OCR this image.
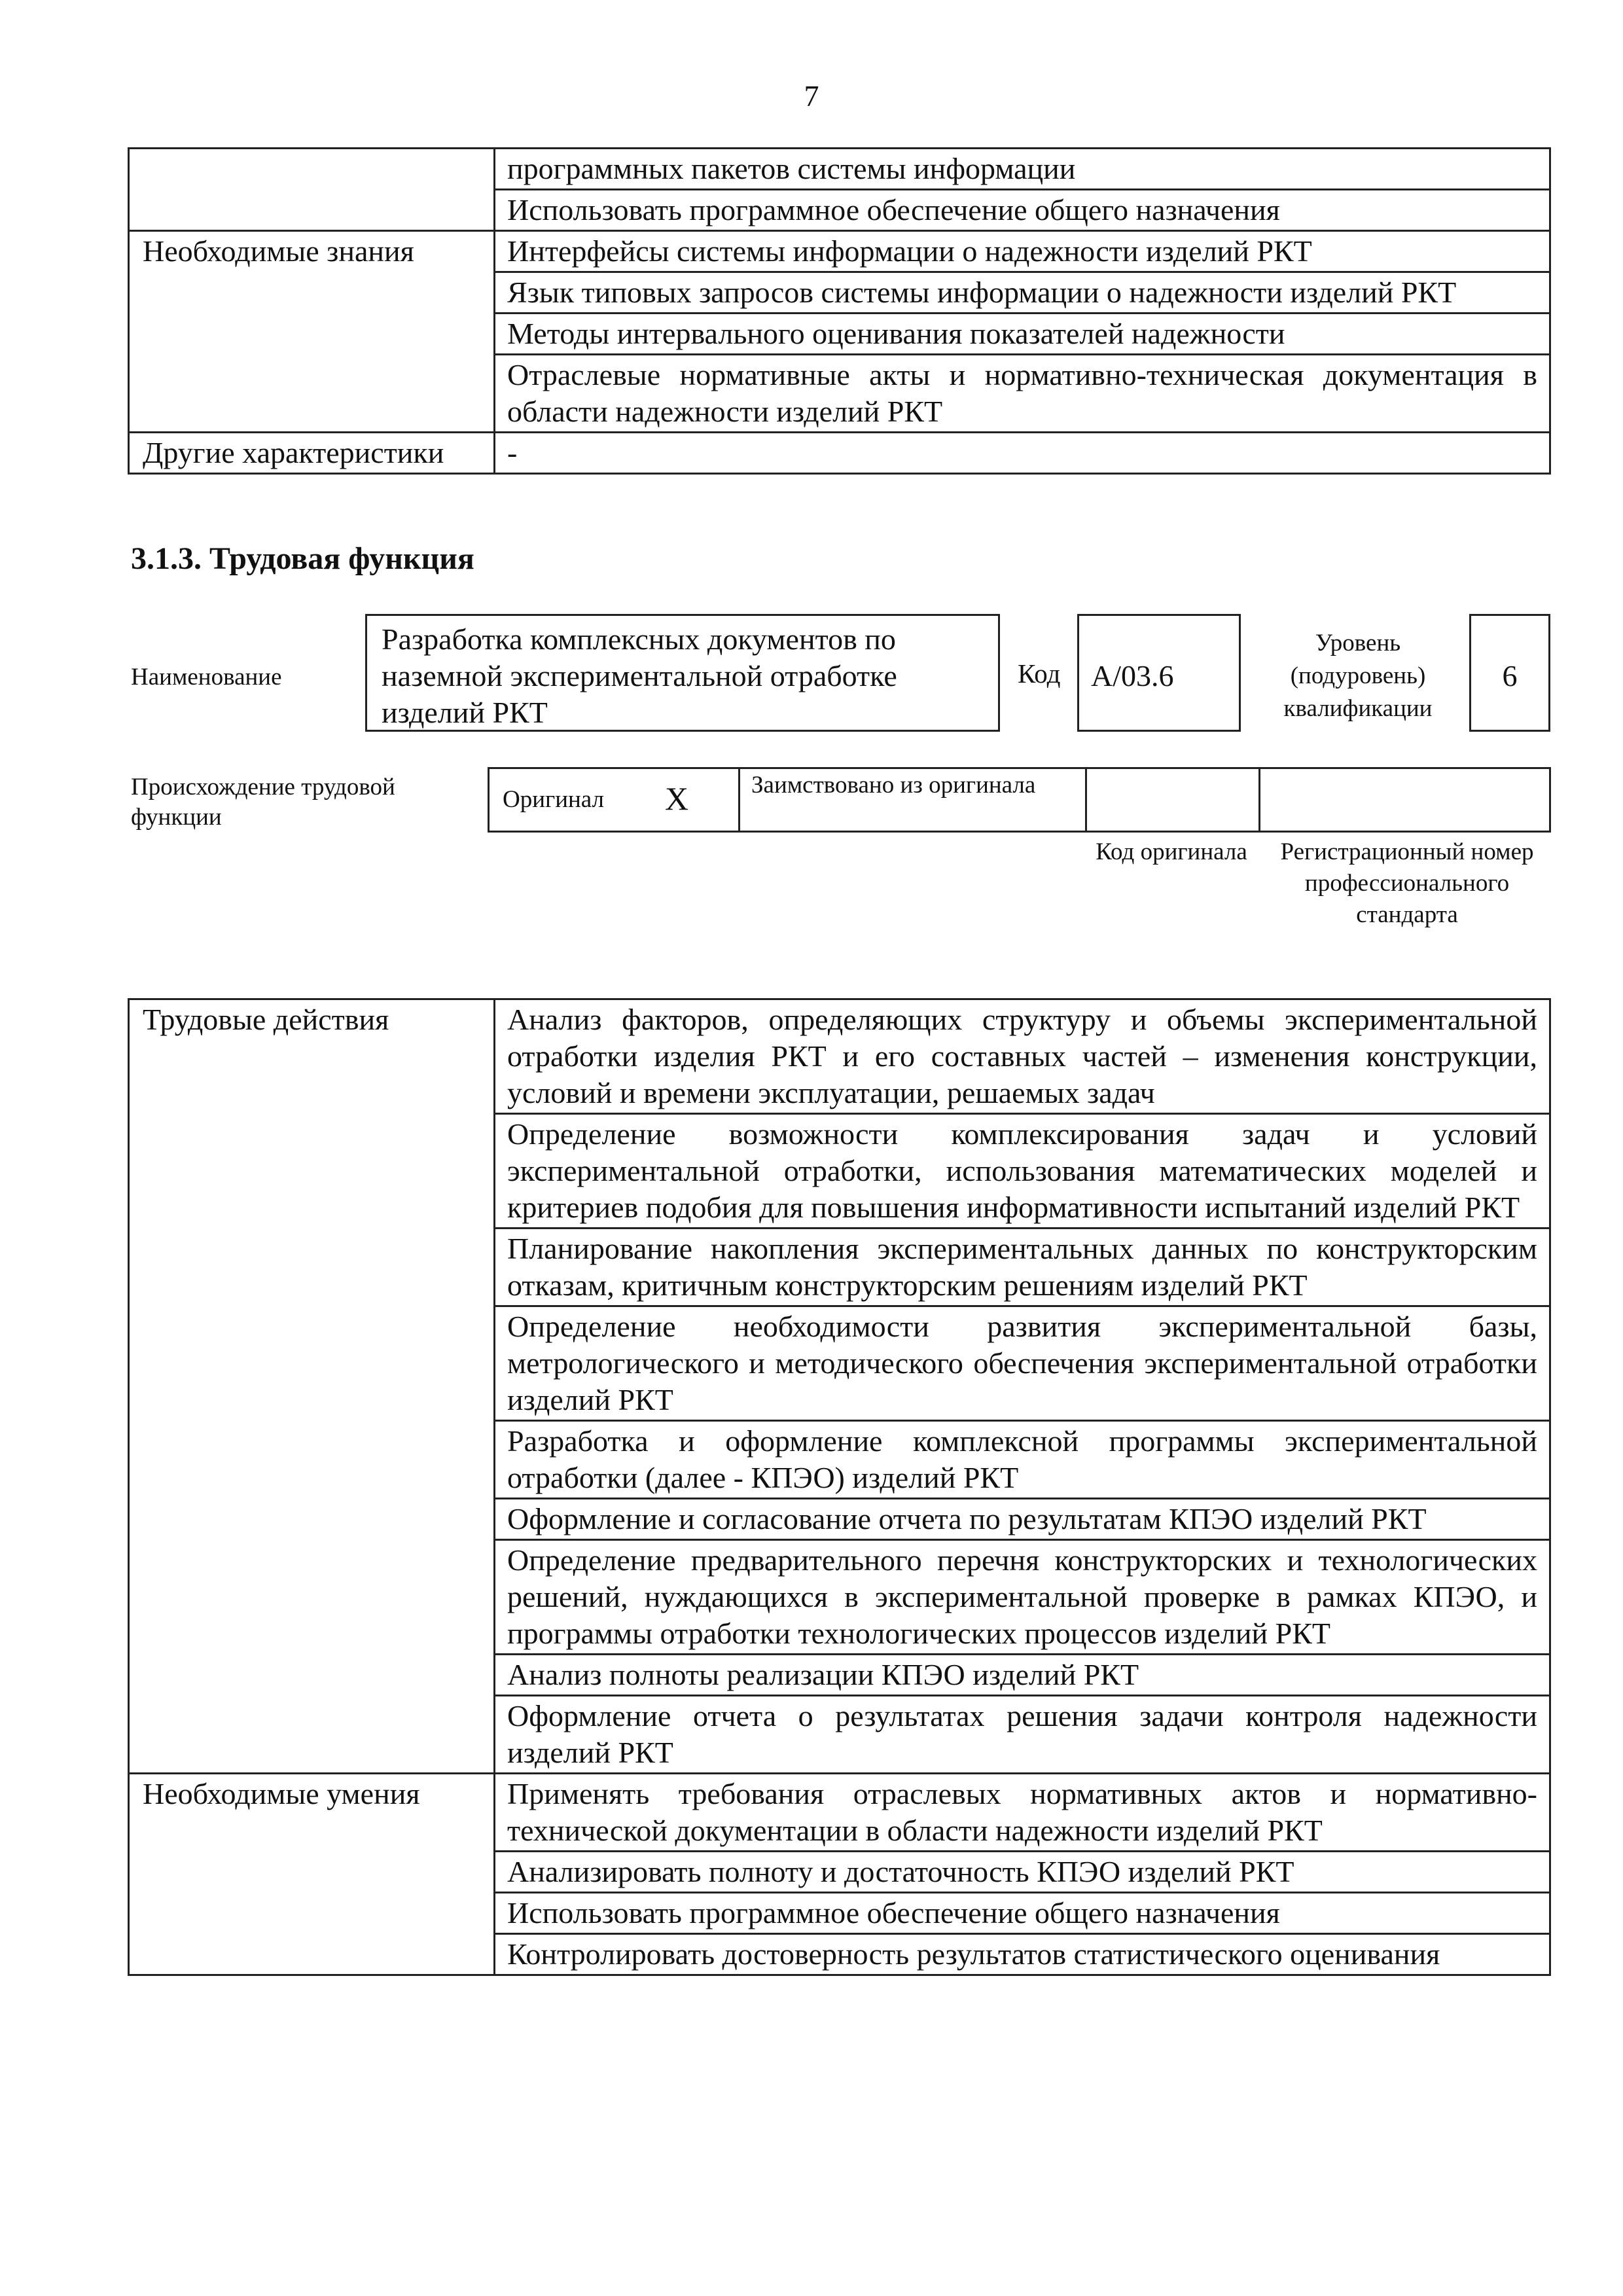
7
	программных пакетов системы информации
	Использовать программное обеспечение общего назначения
Необходимые знания	Интерфейсы системы информации о надежности изделий РКТ
	Язык типовых запросов системы информации о надежности изделий РКТ
	Методы интервального оценивания показателей надежности
	Отраслевые нормативные акты и нормативно-техническая документация в области надежности изделий РКТ
Другие характеристики	-
3.1.3. Трудовая функция
Наименование
Разработка комплексных документов по наземной экспериментальной отработке изделий РКТ
Код	А/03.6
Уровень (подуровень) квалификации
6
Происхождение трудовой функции
Оригинал Х	Заимствовано из оригинала
Код оригинала	Регистрационный номер профессионального стандарта
Трудовые действия	Анализ факторов, определяющих структуру и объемы экспериментальной отработки изделия РКТ и его составных частей – изменения конструкции, условий и времени эксплуатации, решаемых задач
	Определение возможности комплексирования задач и условий экспериментальной отработки, использования математических моделей и критериев подобия для повышения информативности испытаний изделий РКТ
	Планирование накопления экспериментальных данных по конструкторским отказам, критичным конструкторским решениям изделий РКТ
	Определение необходимости развития экспериментальной базы, метрологического и методического обеспечения экспериментальной отработки изделий РКТ
	Разработка и оформление комплексной программы экспериментальной отработки (далее - КПЭО) изделий РКТ
	Оформление и согласование отчета по результатам КПЭО изделий РКТ
	Определение предварительного перечня конструкторских и технологических решений, нуждающихся в экспериментальной проверке в рамках КПЭО, и программы отработки технологических процессов изделий РКТ
	Анализ полноты реализации КПЭО изделий РКТ
	Оформление отчета о результатах решения задачи контроля надежности изделий РКТ
Необходимые умения	Применять требования отраслевых нормативных актов и нормативно-технической документации в области надежности изделий РКТ
	Анализировать полноту и достаточность КПЭО изделий РКТ
	Использовать программное обеспечение общего назначения
	Контролировать достоверность результатов статистического оценивания
